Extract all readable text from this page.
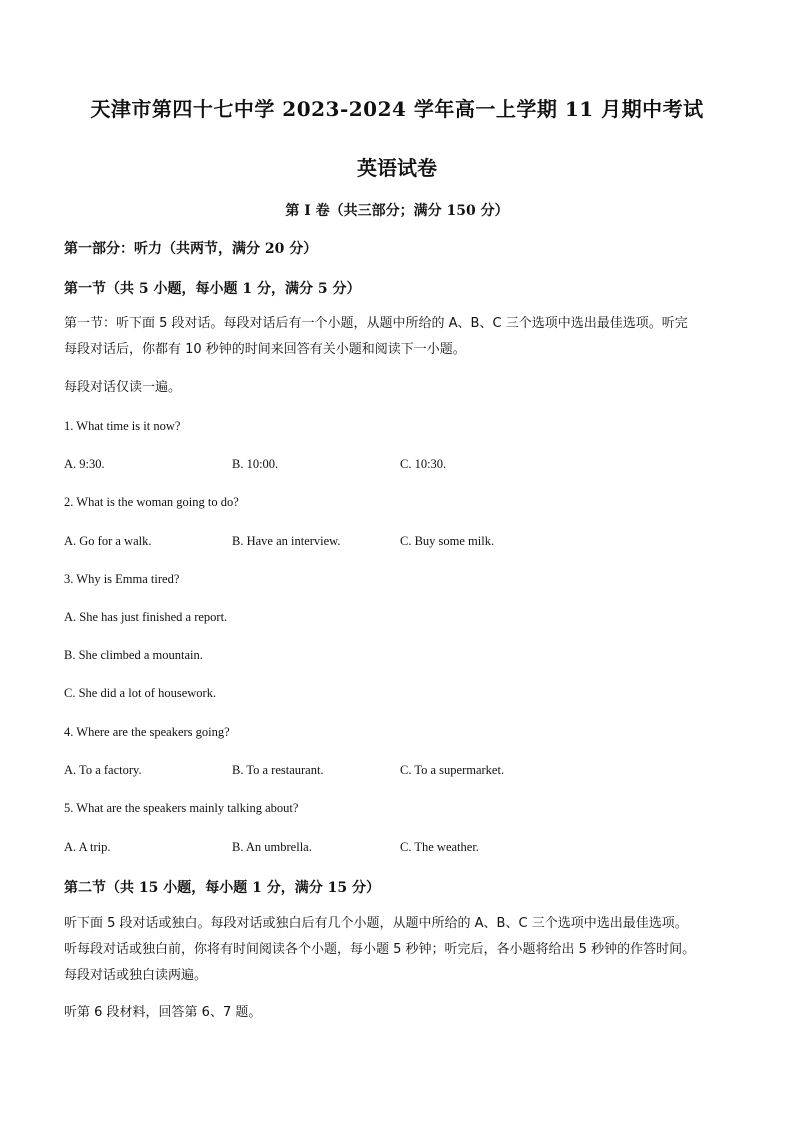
天津市第四十七中学 2023-2024 学年高一上学期 11 月期中考试
英语试卷
第 I 卷（共三部分；满分 150 分）
第一部分：听力（共两节，满分 20 分）
第一节（共 5 小题，每小题 1 分，满分 5 分）
第一节：听下面 5 段对话。每段对话后有一个小题，从题中所给的 A、B、C 三个选项中选出最佳选项。听完
每段对话后，你都有 10 秒钟的时间来回答有关小题和阅读下一小题。
每段对话仅读一遍。
1. What time is it now?
A. 9:30.	B. 10:00.	C. 10:30.
2. What is the woman going to do?
A. Go for a walk.	B. Have an interview.	C. Buy some milk.
3. Why is Emma tired?
A. She has just finished a report.
B. She climbed a mountain.
C. She did a lot of housework.
4. Where are the speakers going?
A. To a factory.	B. To a restaurant.	C. To a supermarket.
5. What are the speakers mainly talking about?
A. A trip.	B. An umbrella.	C. The weather.
第二节（共 15 小题，每小题 1 分，满分 15 分）
听下面 5 段对话或独白。每段对话或独白后有几个小题，从题中所给的 A、B、C 三个选项中选出最佳选项。
听每段对话或独白前，你将有时间阅读各个小题，每小题 5 秒钟；听完后，各小题将给出 5 秒钟的作答时间。
每段对话或独白读两遍。
听第 6 段材料，回答第 6、7 题。
